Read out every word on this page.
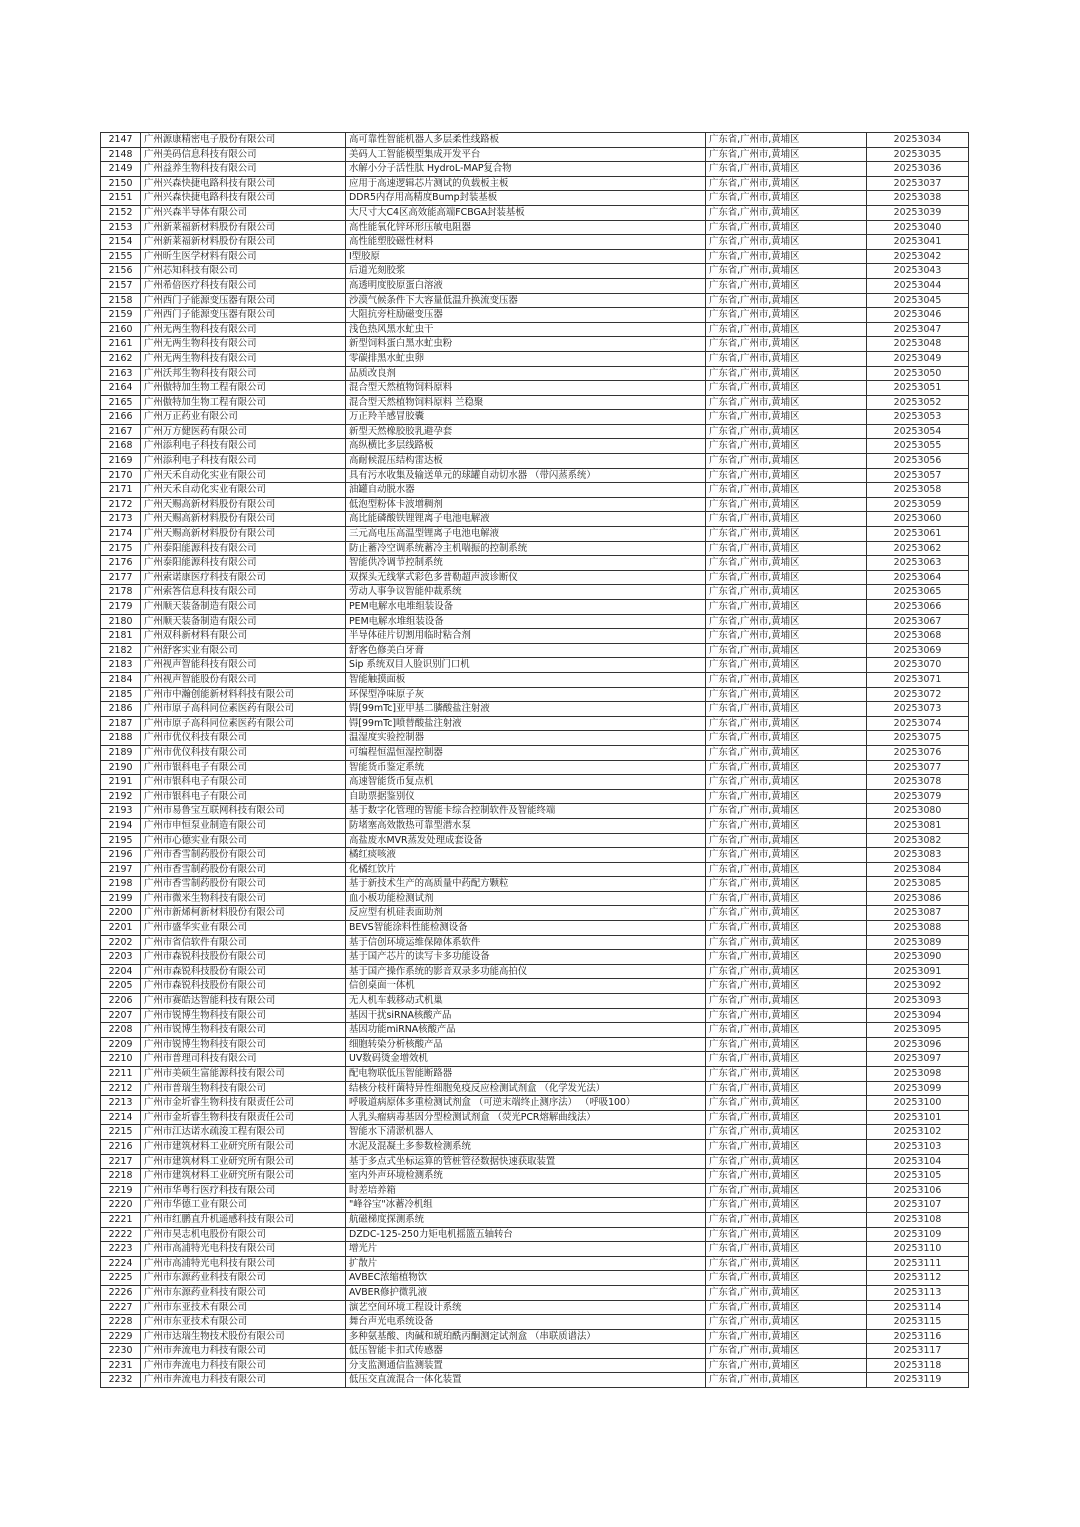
2147	广州源康精密电子股份有限公司	高可靠性智能机器人多层柔性线路板	广东省,广州市,黄埔区	20253034
2148	广州美码信息科技有限公司	美码人工智能模型集成开发平台	广东省,广州市,黄埔区	20253035
2149	广州益养生物科技有限公司	水解小分子活性肽 HydroL-MAP复合物	广东省,广州市,黄埔区	20253036
2150	广州兴森快捷电路科技有限公司	应用于高速逻辑芯片测试的负载板主板	广东省,广州市,黄埔区	20253037
2151	广州兴森快捷电路科技有限公司	DDR5内存用高精度Bump封装基板	广东省,广州市,黄埔区	20253038
2152	广州兴森半导体有限公司	大尺寸大C4区高效能高端FCBGA封装基板	广东省,广州市,黄埔区	20253039
2153	广州新莱福新材料股份有限公司	高性能氧化锌环形压敏电阻器	广东省,广州市,黄埔区	20253040
2154	广州新莱福新材料股份有限公司	高性能塑胶磁性材料	广东省,广州市,黄埔区	20253041
2155	广州昕生医学材料有限公司	I型胶原	广东省,广州市,黄埔区	20253042
2156	广州芯知科技有限公司	后道光刻胶浆	广东省,广州市,黄埔区	20253043
2157	广州希倍医疗科技有限公司	高透明度胶原蛋白溶液	广东省,广州市,黄埔区	20253044
2158	广州西门子能源变压器有限公司	沙漠气候条件下大容量低温升换流变压器	广东省,广州市,黄埔区	20253045
2159	广州西门子能源变压器有限公司	大阻抗旁柱励磁变压器	广东省,广州市,黄埔区	20253046
2160	广州无两生物科技有限公司	浅色热风黑水虻虫干	广东省,广州市,黄埔区	20253047
2161	广州无两生物科技有限公司	新型饲料蛋白黑水虻虫粉	广东省,广州市,黄埔区	20253048
2162	广州无两生物科技有限公司	零碳排黑水虻虫卵	广东省,广州市,黄埔区	20253049
2163	广州沃邦生物科技有限公司	品质改良剂	广东省,广州市,黄埔区	20253050
2164	广州傲特加生物工程有限公司	混合型天然植物饲料原料	广东省,广州市,黄埔区	20253051
2165	广州傲特加生物工程有限公司	混合型天然植物饲料原料 兰稳聚	广东省,广州市,黄埔区	20253052
2166	广州万正药业有限公司	万正羚羊感冒胶囊	广东省,广州市,黄埔区	20253053
2167	广州万方健医药有限公司	新型天然橡胶胶乳避孕套	广东省,广州市,黄埔区	20253054
2168	广州添利电子科技有限公司	高纵横比多层线路板	广东省,广州市,黄埔区	20253055
2169	广州添利电子科技有限公司	高耐候混压结构雷达板	广东省,广州市,黄埔区	20253056
2170	广州天禾自动化实业有限公司	具有污水收集及输送单元的球罐自动切水器 （带闪蒸系统）	广东省,广州市,黄埔区	20253057
2171	广州天禾自动化实业有限公司	油罐自动脱水器	广东省,广州市,黄埔区	20253058
2172	广州天赐高新材料股份有限公司	低泡型粉体卡波增稠剂	广东省,广州市,黄埔区	20253059
2173	广州天赐高新材料股份有限公司	高比能磷酸铁锂锂离子电池电解液	广东省,广州市,黄埔区	20253060
2174	广州天赐高新材料股份有限公司	三元高电压高温型锂离子电池电解液	广东省,广州市,黄埔区	20253061
2175	广州泰阳能源科技有限公司	防止蓄冷空调系统蓄冷主机喘振的控制系统	广东省,广州市,黄埔区	20253062
2176	广州泰阳能源科技有限公司	智能供冷调节控制系统	广东省,广州市,黄埔区	20253063
2177	广州索诺康医疗科技有限公司	双探头无线掌式彩色多普勒超声波诊断仪	广东省,广州市,黄埔区	20253064
2178	广州索答信息科技有限公司	劳动人事争议智能仲裁系统	广东省,广州市,黄埔区	20253065
2179	广州顺天装备制造有限公司	PEM电解水电堆组装设备	广东省,广州市,黄埔区	20253066
2180	广州顺天装备制造有限公司	PEM电解水堆组装设备	广东省,广州市,黄埔区	20253067
2181	广州双科新材料有限公司	半导体硅片切割用临时粘合剂	广东省,广州市,黄埔区	20253068
2182	广州舒客实业有限公司	舒客色修美白牙膏	广东省,广州市,黄埔区	20253069
2183	广州视声智能科技有限公司	Sip 系统双目人脸识别门口机	广东省,广州市,黄埔区	20253070
2184	广州视声智能股份有限公司	智能触摸面板	广东省,广州市,黄埔区	20253071
2185	广州市中瀚创能新材料科技有限公司	环保型净味原子灰	广东省,广州市,黄埔区	20253072
2186	广州市原子高科同位素医药有限公司	锝[99mTc]亚甲基二膦酸盐注射液	广东省,广州市,黄埔区	20253073
2187	广州市原子高科同位素医药有限公司	锝[99mTc]喷替酸盐注射液	广东省,广州市,黄埔区	20253074
2188	广州市优仪科技有限公司	温湿度实验控制器	广东省,广州市,黄埔区	20253075
2189	广州市优仪科技有限公司	可编程恒温恒湿控制器	广东省,广州市,黄埔区	20253076
2190	广州市银科电子有限公司	智能货币鉴定系统	广东省,广州市,黄埔区	20253077
2191	广州市银科电子有限公司	高速智能货币复点机	广东省,广州市,黄埔区	20253078
2192	广州市银科电子有限公司	自助票据鉴别仪	广东省,广州市,黄埔区	20253079
2193	广州市易鲁宝互联网科技有限公司	基于数字化管理的智能卡综合控制软件及智能终端	广东省,广州市,黄埔区	20253080
2194	广州市申恒泵业制造有限公司	防堵塞高效散热可靠型潜水泵	广东省,广州市,黄埔区	20253081
2195	广州市心德实业有限公司	高盐废水MVR蒸发处理成套设备	广东省,广州市,黄埔区	20253082
2196	广州市香雪制药股份有限公司	橘红痰咳液	广东省,广州市,黄埔区	20253083
2197	广州市香雪制药股份有限公司	化橘红饮片	广东省,广州市,黄埔区	20253084
2198	广州市香雪制药股份有限公司	基于新技术生产的高质量中药配方颗粒	广东省,广州市,黄埔区	20253085
2199	广州市微米生物科技有限公司	血小板功能检测试剂	广东省,广州市,黄埔区	20253086
2200	广州市新烯柯新材料股份有限公司	反应型有机硅表面助剂	广东省,广州市,黄埔区	20253087
2201	广州市盛华实业有限公司	BEVS智能涂料性能检测设备	广东省,广州市,黄埔区	20253088
2202	广州市省信软件有限公司	基于信创环境运维保障体系软件	广东省,广州市,黄埔区	20253089
2203	广州市森锐科技股份有限公司	基于国产芯片的读写卡多功能设备	广东省,广州市,黄埔区	20253090
2204	广州市森锐科技股份有限公司	基于国产操作系统的影音双录多功能高拍仪	广东省,广州市,黄埔区	20253091
2205	广州市森锐科技股份有限公司	信创桌面一体机	广东省,广州市,黄埔区	20253092
2206	广州市赛皓达智能科技有限公司	无人机车载移动式机巢	广东省,广州市,黄埔区	20253093
2207	广州市锐博生物科技有限公司	基因干扰siRNA核酸产品	广东省,广州市,黄埔区	20253094
2208	广州市锐博生物科技有限公司	基因功能miRNA核酸产品	广东省,广州市,黄埔区	20253095
2209	广州市锐博生物科技有限公司	细胞转染分析核酸产品	广东省,广州市,黄埔区	20253096
2210	广州市普理司科技有限公司	UV数码烫金增效机	广东省,广州市,黄埔区	20253097
2211	广州市美硕生富能源科技有限公司	配电物联低压智能断路器	广东省,广州市,黄埔区	20253098
2212	广州市普瑞生物科技有限公司	结核分枝杆菌特异性细胞免疫反应检测试剂盒 （化学发光法）	广东省,广州市,黄埔区	20253099
2213	广州市金圻睿生物科技有限责任公司	呼吸道病原体多重检测试剂盒 （可逆末端终止测序法） （呼吸100）	广东省,广州市,黄埔区	20253100
2214	广州市金圻睿生物科技有限责任公司	人乳头瘤病毒基因分型检测试剂盒 （荧光PCR熔解曲线法）	广东省,广州市,黄埔区	20253101
2215	广州市江达诺水疏浚工程有限公司	智能水下清淤机器人	广东省,广州市,黄埔区	20253102
2216	广州市建筑材料工业研究所有限公司	水泥及混凝土多参数检测系统	广东省,广州市,黄埔区	20253103
2217	广州市建筑材料工业研究所有限公司	基于多点式坐标运算的管桩管径数据快速获取装置	广东省,广州市,黄埔区	20253104
2218	广州市建筑材料工业研究所有限公司	室内外声环境检测系统	广东省,广州市,黄埔区	20253105
2219	广州市华粤行医疗科技有限公司	时差培养箱	广东省,广州市,黄埔区	20253106
2220	广州市华德工业有限公司	"峰谷宝"冰蓄冷机组	广东省,广州市,黄埔区	20253107
2221	广州市红鹏直升机遥感科技有限公司	航磁梯度探测系统	广东省,广州市,黄埔区	20253108
2222	广州市昊志机电股份有限公司	DZDC-125-250力矩电机摇篮五轴转台	广东省,广州市,黄埔区	20253109
2223	广州市高浦特光电科技有限公司	增光片	广东省,广州市,黄埔区	20253110
2224	广州市高浦特光电科技有限公司	扩散片	广东省,广州市,黄埔区	20253111
2225	广州市东源药业科技有限公司	AVBEC浓缩植物饮	广东省,广州市,黄埔区	20253112
2226	广州市东源药业科技有限公司	AVBER修护微乳液	广东省,广州市,黄埔区	20253113
2227	广州市东亚技术有限公司	演艺空间环境工程设计系统	广东省,广州市,黄埔区	20253114
2228	广州市东亚技术有限公司	舞台声光电系统设备	广东省,广州市,黄埔区	20253115
2229	广州市达瑞生物技术股份有限公司	多种氨基酸、肉碱和琥珀酰丙酮测定试剂盒 （串联质谱法）	广东省,广州市,黄埔区	20253116
2230	广州市奔流电力科技有限公司	低压智能卡扣式传感器	广东省,广州市,黄埔区	20253117
2231	广州市奔流电力科技有限公司	分支监测通信监测装置	广东省,广州市,黄埔区	20253118
2232	广州市奔流电力科技有限公司	低压交直流混合一体化装置	广东省,广州市,黄埔区	20253119
